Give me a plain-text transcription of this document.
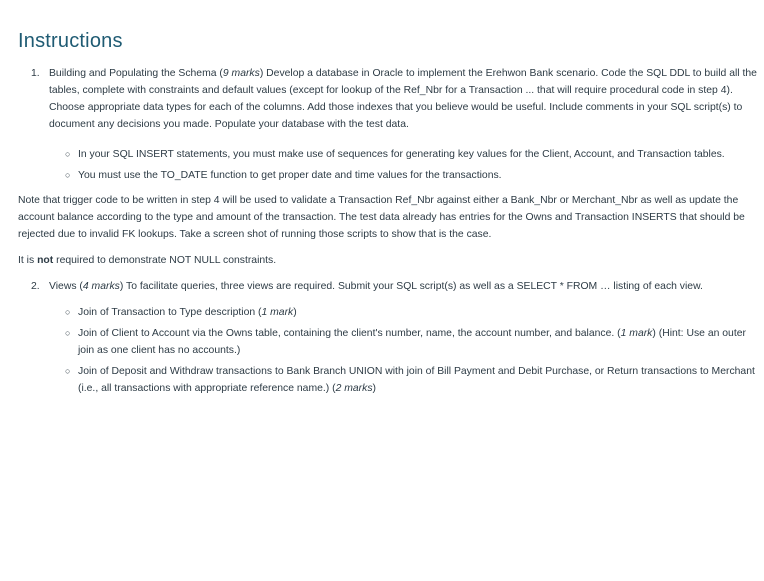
Instructions
1. Building and Populating the Schema (9 marks) Develop a database in Oracle to implement the Erehwon Bank scenario. Code the SQL DDL to build all the tables, complete with constraints and default values (except for lookup of the Ref_Nbr for a Transaction ... that will require procedural code in step 4). Choose appropriate data types for each of the columns. Add those indexes that you believe would be useful. Include comments in your SQL script(s) to document any decisions you made. Populate your database with the test data.
○ In your SQL INSERT statements, you must make use of sequences for generating key values for the Client, Account, and Transaction tables.
○ You must use the TO_DATE function to get proper date and time values for the transactions.

Note that trigger code to be written in step 4 will be used to validate a Transaction Ref_Nbr against either a Bank_Nbr or Merchant_Nbr as well as update the account balance according to the type and amount of the transaction. The test data already has entries for the Owns and Transaction INSERTS that should be rejected due to invalid FK lookups. Take a screen shot of running those scripts to show that is the case.

It is not required to demonstrate NOT NULL constraints.

2. Views (4 marks) To facilitate queries, three views are required. Submit your SQL script(s) as well as a SELECT * FROM … listing of each view.
○ Join of Transaction to Type description (1 mark)
○ Join of Client to Account via the Owns table, containing the client's number, name, the account number, and balance. (1 mark) (Hint: Use an outer join as one client has no accounts.)
○ Join of Deposit and Withdraw transactions to Bank Branch UNION with join of Bill Payment and Debit Purchase, or Return transactions to Merchant (i.e., all transactions with appropriate reference name.) (2 marks)
